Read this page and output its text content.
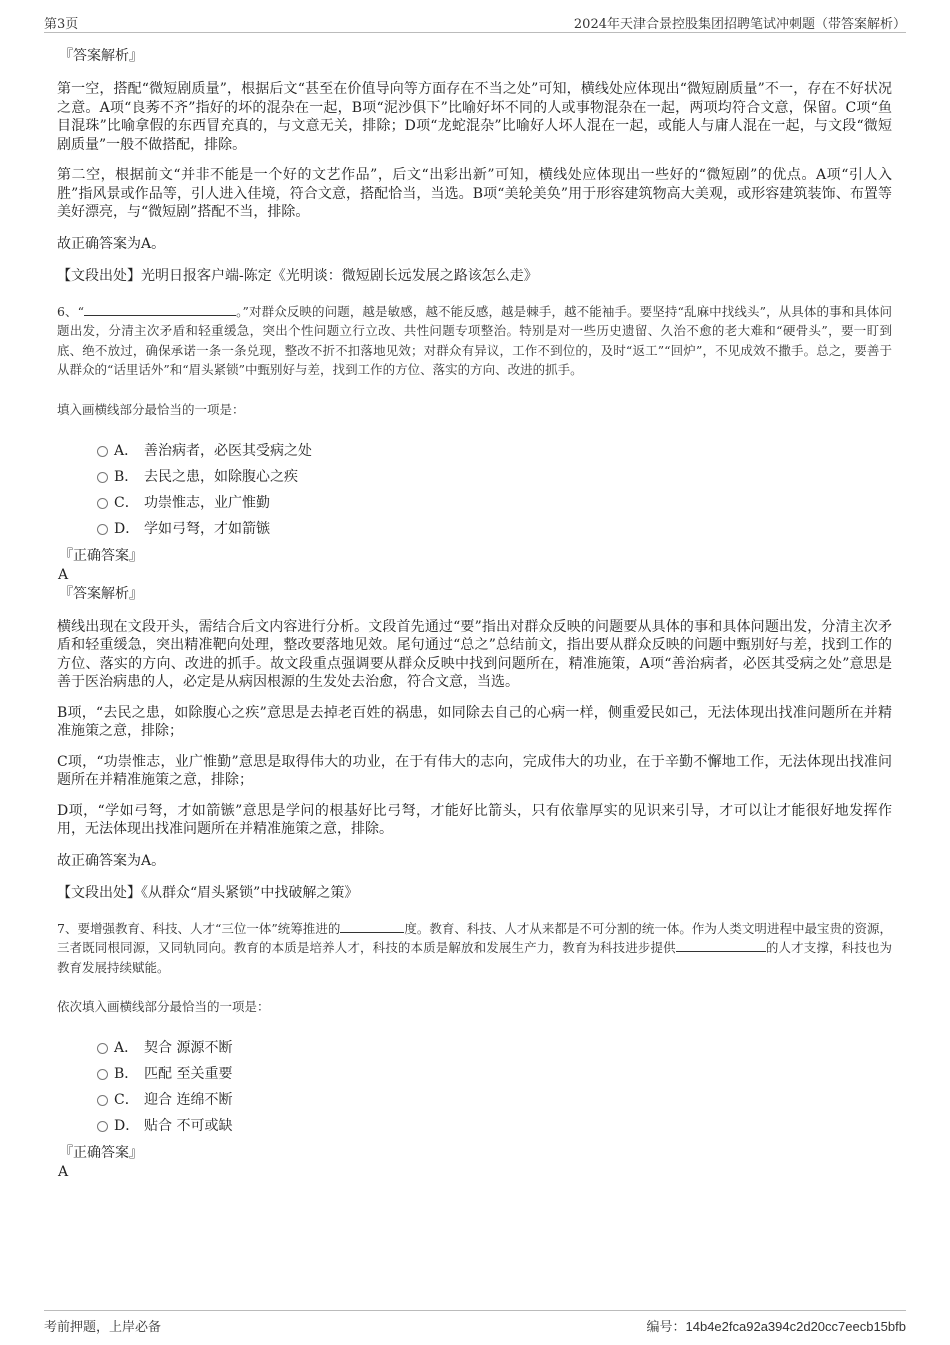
第3页	2024年天津合景控股集团招聘笔试冲刺题（带答案解析）
『答案解析』

第一空，搭配“微短剧质量”，根据后文“甚至在价值导向等方面存在不当之处”可知，横线处应体现出“微短剧质量”不一，存在不好状况之意。A项“良莠不齐”指好的坏的混杂在一起，B项“泥沙俱下”比喻好坏不同的人或事物混杂在一起，两项均符合文意，保留。C项“鱼目混珠”比喻拿假的东西冒充真的，与文意无关，排除；D项“龙蛇混杂”比喻好人坏人混在一起，或能人与庸人混在一起，与文段“微短剧质量”一般不做搭配，排除。

第二空，根据前文“并非不能是一个好的文艺作品”，后文“出彩出新”可知，横线处应体现出一些好的“微短剧”的优点。A项“引人入胜”指风景或作品等，引人进入佳境，符合文意，搭配恰当，当选。B项“美轮美奂”用于形容建筑物高大美观，或形容建筑装饰、布置等美好漂亮，与“微短剧”搭配不当，排除。

故正确答案为A。

【文段出处】光明日报客户端-陈定《光明谈：微短剧长远发展之路该怎么走》

6、“	。”对群众反映的问题，越是敏感，越不能反感，越是棘手，越不能袖手。要坚持“乱麻中找线头”，从具体的事和具体问题出发，分清主次矛盾和轻重缓急，突出个性问题立行立改、共性问题专项整治。特别是对一些历史遗留、久治不愈的老大难和“硬骨头”，要一盯到底、绝不放过，确保承诺一条一条兑现，整改不折不扣落地见效；对群众有异议，工作不到位的，及时“返工”“回炉”，不见成效不撒手。总之，要善于从群众的“话里话外”和“眉头紧锁”中甄别好与差，找到工作的方位、落实的方向、改进的抓手。

填入画横线部分最恰当的一项是：

A． 善治病者，必医其受病之处
B． 去民之患，如除腹心之疾
C． 功崇惟志，业广惟勤
D． 学如弓弩，才如箭镞
『正确答案』
A
『答案解析』

横线出现在文段开头，需结合后文内容进行分析。文段首先通过“要”指出对群众反映的问题要从具体的事和具体问题出发，分清主次矛盾和轻重缓急，突出精准靶向处理，整改要落地见效。尾句通过“总之”总结前文，指出要从群众反映的问题中甄别好与差，找到工作的方位、落实的方向、改进的抓手。故文段重点强调要从群众反映中找到问题所在，精准施策，A项“善治病者，必医其受病之处”意思是善于医治病患的人，必定是从病因根源的生发处去治愈，符合文意，当选。

B项，“去民之患，如除腹心之疾”意思是去掉老百姓的祸患，如同除去自己的心病一样，侧重爱民如己，无法体现出找准问题所在并精准施策之意，排除；

C项，“功崇惟志，业广惟勤”意思是取得伟大的功业，在于有伟大的志向，完成伟大的功业，在于辛勤不懈地工作，无法体现出找准问题所在并精准施策之意，排除；

D项，“学如弓弩，才如箭镞”意思是学问的根基好比弓弩，才能好比箭头，只有依靠厚实的见识来引导，才可以让才能很好地发挥作用，无法体现出找准问题所在并精准施策之意，排除。

故正确答案为A。

【文段出处】《从群众“眉头紧锁”中找破解之策》

7、要增强教育、科技、人才“三位一体”统筹推进的	度。教育、科技、人才从来都是不可分割的统一体。作为人类文明进程中最宝贵的资源，三者既同根同源，又同轨同向。教育的本质是培养人才，科技的本质是解放和发展生产力，教育为科技进步提供	的人才支撑，科技也为教育发展持续赋能。

依次填入画横线部分最恰当的一项是：

A． 契合 源源不断
B． 匹配 至关重要
C． 迎合 连绵不断
D． 贴合 不可或缺
『正确答案』
A
考前押题，上岸必备	编号：14b4e2fca92a394c2d20cc7eecb15bfb
